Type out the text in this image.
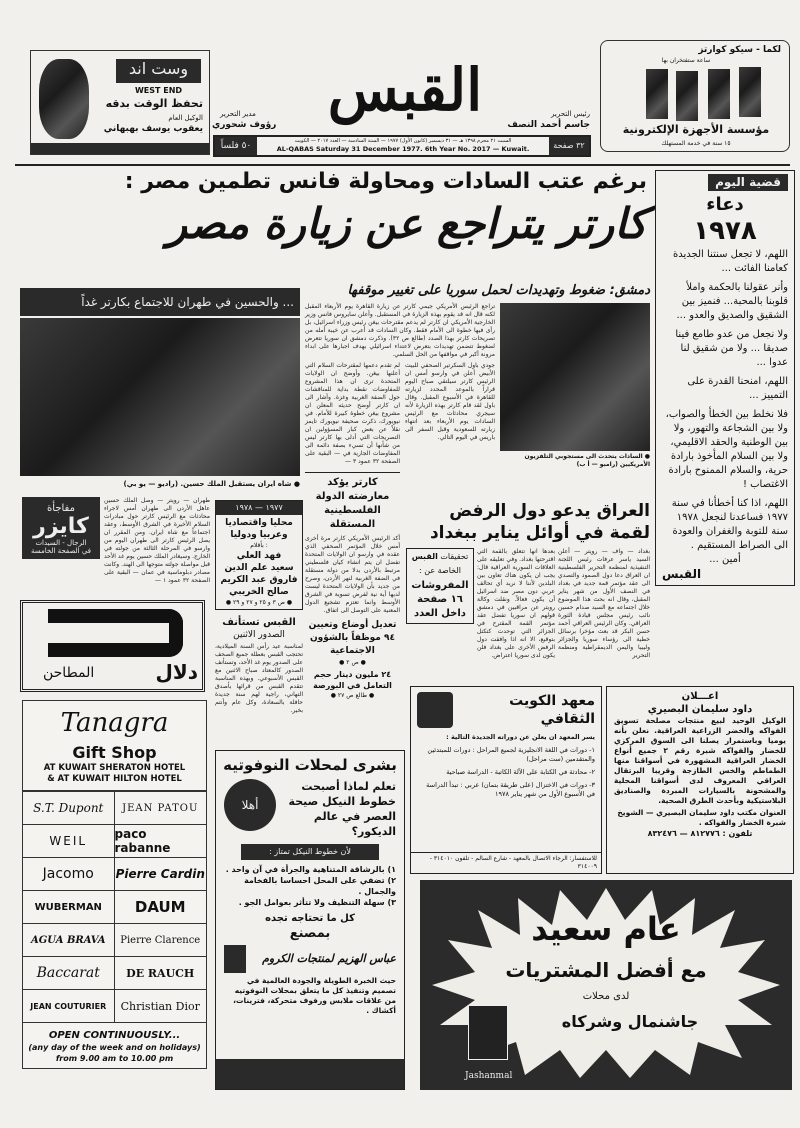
وست اند
WEST END
تحفظ الوقت بدقه
الوكيل العام
يعقوب يوسف بهبهاني
القبس	رئيس التحرير
جاسم أحمد النصف
مدير التحرير
رؤوف شحوري
٥٠ فلساً	السبت ٢١ محرم ١٣٩٨ هـ — ٣١ ديسمبر (كانون الأول) ١٩٧٧ — السنة السادسة — العدد ٢٠١٧ — الكويت
AL-QABAS Saturday 31 December 1977. 6th Year No. 2017 — Kuwait.	٣٢ صفحة
لكما - سيكو كوارتز
ساعة ستفتخران بها
مؤسسة الأجهزة الإلكترونية
١٥ سنة في خدمة المستهلك
برغم عتب السادات ومحاولة فانس تطمين مصر :
كارتر يتراجع عن زيارة مصر
... والحسين في طهران للاجتماع بكارتر غداً
● شاه ايران يستقبل الملك حسين. (راديو — يو بي)
دمشق: ضغوط وتهديدات لحمل سوريا على تغيير موقفها
تراجع الرئيس الأمريكي جيمي كارتر عن زيارة القاهرة يوم الأربعاء المقبل لكنه قال انه قد يقوم بهذه الزيارة في المستقبل. وأعلن سايروس فانس وزير الخارجية الأمريكي ان كارتر لم يدعم مقترحات بيغن رئيس وزراء اسرائيل، بل رأى فيها خطوة الى الأمام فقط. وكان السادات قد أعرب عن خيبة أمله من تصريحات كارتر بهذا الصدد (طالع ص ٣٢). وذكرت دمشق ان سوريا تتعرض لضغوط تتضمن تهديدات بتعرض لاعتداء اسرائيلي بهدف اجبارها على ابداء مرونة أكبر في مواقفها من الحل السلمي.
لم تقدم دعمها لمقترحات السلام التي أعلنها بيغن. وأوضح ان الولايات المتحدة ترى ان هذا المشروع للمفاوضات نقطة بداية للمناقشات حول الضفة الغربية وغزة. وأشار الى ان كارتر أوضح حديثه المعلن ان مشروع بيغن خطوة كبيرة للأمام. في نيويورك، ذكرت صحيفة نيويورك تايمز نقلاً عن بعض كبار المسؤولين ان التصريحات التي أدلى بها كارتر ليس من شأنها أن تسيء بصفة دائمة الى المفاوضات الجارية في — البقية على الصفحة ٣٢ عمود ٣ —
كارتر يؤكد معارضته الدولة الفلسطينية المستقلة
أكد الرئيس الأمريكي كارتر مرة أخرى أمس خلال المؤتمر الصحفي الذي عقده في وارسو ان الولايات المتحدة تفضل ان يتم انشاء كيان فلسطيني مرتبط بالأردن بدلا من دولة مستقلة في الضفة الغربية لنهر الأردن، وصرح من جديد بأن الولايات المتحدة ليست لديها أية نية لفرض تسوية في الشرق الأوسط وانما تعتزم تشجيع الدول المعنية على التوصل الى اتفاق.
تعديل أوضاع وتعيين ٩٤ موظفاً بالشؤون الاجتماعية
● ص ٢ ●
٢٤ مليون دينار حجم التعامل في البورصة
● طالع ص ٢٧ ●
جودي باول السكرتير الصحفي للبيت الأبيض أعلن في وارسو أمس ان الرئيس كارتر سيلتقي صباح اليوم قراراً بالموعد المحدد لزيارته للقاهرة في الأسبوع المقبل. وقال باول لقد قام كارتر بهذه الزيارة لأنه سيجري محادثات مع الرئيس السادات يوم الأربعاء بعد انتهاء زيارته للسعودية وقبل السفر الى باريس في اليوم التالي.
● السادات يتحدث الى مستجوبي التلفزيون الأمريكيين (رامبو — أ ب)
مفاجأة
كايزر
الرجال - السيدات
في الصفحة الخامسة
طهران — رويتر — وصل الملك حسين عاهل الأردن الى طهران أمس لاجراء محادثات مع الرئيس كارتر حول مبادرات السلام الأخيرة في الشرق الأوسط، وعقد اجتماعاً مع شاه ايران. ومن المقرر ان يصل الرئيس كارتر الى طهران اليوم من وارسو في المرحلة الثالثة من جولته في الخارج. وسيغادر الملك حسين يوم غد الأحد قبل مواصلة جولته متوجها الى الهند. وكانت مصادر دبلوماسية في عمان — البقية على الصفحة ٣٢ عمود ١ —
١٩٧٧ — ١٩٧٨
محليا واقتصاديا وعربيا ودوليا
بأقلام :
فهد العلي
سعيد علم الدين
فاروق عبد الكريم
صالح الخريبي
● ص ٣ و ٢٥ و ٢٧ و ٢٩ ●
القبس تستأنف
الصدور الاثنين
لمناسبة عيد رأس السنة الميلادية، تحتجب القبس بعطلة جميع الصحف على الصدور يوم غد الأحد، وتستأنف الصدور كالمعتاد صباح الاثنين مع القبس الأسبوعي. وبهذه المناسبة تتقدم القبس من قرائها بأصدق التهاني، راجية لهم سنة جديدة حافلة بالسعادة، وكل عام وأنتم بخير.
العراق يدعو دول الرفض
لقمة في أوائل يناير ببغداد
بغداد — واف — رويتر — أعلن السيد ياسر عرفات رئيس اللجنة التنفيذية لمنظمة التحرير الفلسطينية ان العراق دعا دول الصمود والتصدي الى عقد مؤتمر قمة جديد في بغداد في النصف الأول من شهر يناير المقبل، وقال انه بحث هذا الموضوع خلال اجتماعه مع السيد صدام حسين نائب رئيس مجلس قيادة الثورة العراقي. وكان الرئيس العراقي أحمد حسن البكر قد بعث مؤخرا برسائل خطية الى رؤساء سوريا والجزائر وليبيا واليمن الديمقراطية ومنظمة التحرير
بعدها انها تتعلق بالقمة التي اقترحتها بغداد. وفي تعليقه على العلاقات السورية العراقية قال: يجب ان يكون هناك تعاون بين البلدين لأننا لا نريد أي تحالف عربي دون مصر ضد اسرائيل أن يكون فعالاً. ونقلت وكالة رويتر عن مراقبين في دمشق قولهم ان سوريا تفضل عقد مؤتمر القمة المقترح في الجزائر التي توحدت كتكتل بتوقيع، الا انه اذا وافقت دول الرفض الأخرى على بغداد فلن يكون لدى سوريا اعتراض.
تحقيقات القبس
الخاصة عن :
المفروشات
١٦ صفحة
داخل العدد
قضية اليوم
دعاء
١٩٧٨

اللهم، لا تجعل سنتنا الجديدة كعامنا الفائت ...

وأنر عقولنا بالحكمة واملأ قلوبنا بالمحبة... فنميز بين الشقيق والصديق والعدو ...

ولا نجعل من عدو طامع فينا صديقا ... ولا من شقيق لنا عدوا ...

اللهم، امنحنا القدرة على التمييز ...

فلا نخلط بين الخطأ والصواب، ولا بين الشجاعة والتهور، ولا بين الوطنية والحقد الاقليمي، ولا بين السلام المأخوذ بارادة حرية، والسلام الممنوح بارادة الاغتصاب !

اللهم، اذا كنا أخطأنا في سنة ١٩٧٧ فساعدنا لنجعل ١٩٧٨ سنة للتوبة والغفران والعودة الى الصراط المستقيم .

أمين ...

القبس
دلال
المطاحن
Tanagra
Gift Shop
AT KUWAIT SHERATON HOTEL
& AT KUWAIT HILTON HOTEL
S.T. Dupont	JEAN PATOU
WEIL	paco rabanne
Jacomo	Pierre Cardin
WUBERMAN	DAUM
AGUA BRAVA	Pierre Clarence
Baccarat	DE RAUCH
JEAN COUTURIER	Christian Dior
OPEN CONTINUOUSLY...
(any day of the week and on holidays)
from 9.00 am to 10.00 pm
بشرى لمحلات النوفوتيه
تعلم لماذا أصبحت خطوط النيكل صيحة العصر في عالم الديكور؟
أهلا
لأن خطوط النيكل تمتاز :
١) بالرشاقة المتناهية والجرأة في آن واحد .
٢) تضفي على المحل احساسا بالفخامة والجمال .
٣) سهلة التنظيف ولا تتأثر بعوامل الجو .
كل ما تحتاجه تجده
بمصنع
عباس الهزيم لمنتجات الكروم
حيث الخبرة الطويلة والجودة العالمية في تصميم وتنفيذ كل ما يتعلق بمحلات النوفوتيه من علاقات ملابس ورفوف متحركة، فترينات، أكشاك .
معهد الكويت الثقافي
يسر المعهد ان يعلن عن دوراته الجديدة التالية :
١- دورات في اللغة الانجليزية لجميع المراحل : دورات للمبتدئين والمتقدمين (ست مراحل)
٢- محادثة في الكتابة على الآلة الكاتبة - الدراسة صباحية
٣- دورات في الاختزال (على طريقة بتمان) عربي : تبدأ الدراسة في الأسبوع الأول من شهر يناير ١٩٧٨
للاستفسار: الرجاء الاتصال بالمعهد - شارع السالم - تلفون ٣١٤٠١٠ - ٣١٤٠٠٩
اعـــلان
داود سليمان البصيري
الوكيل الوحيد لبيع منتجات مصلحة تسويق الفواكه والخضر الزراعية العراقية. نعلن بأنه يوميا وباستمرار يصلنا الى السوق المركزي للخضار والفواكه شبرة رقم ٢ جميع أنواع الخضار العراقية المشهورة في أسواقنا منها الطماطم والخس الطازجة وقريبا البرتقال العراقي المعروف لدى أسواقنا المحلية والمشحونة بالسيارات المبردة والصناديق البلاستيكية وبأحدث الطرق الصحية.
العنوان مكتب داود سليمان البصيري — الشويخ شبرة الخضار والفواكه .
تلفون : ٨١٢٧٧٦ — ٨٣٢٤٧٦
عام سعيد
مع أفضل المشتريات
لدى محلات
جاشنمال وشركاه
Jashanmal
